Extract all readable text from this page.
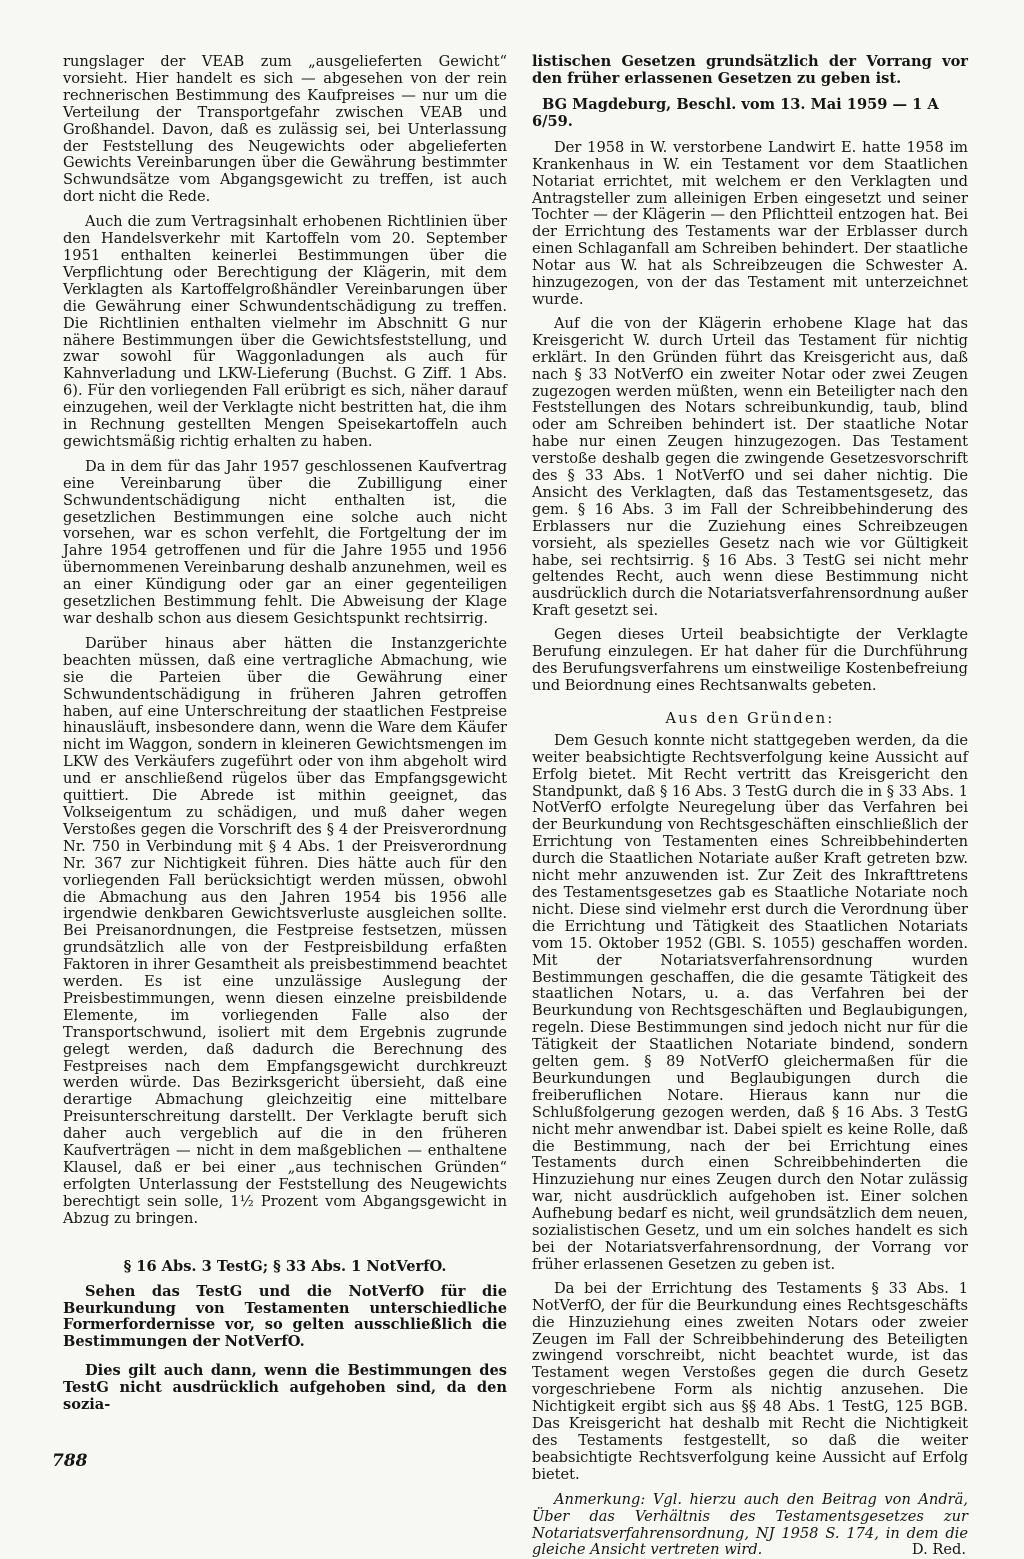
rungslager der VEAB zum „ausgelieferten Gewicht“ vorsieht. Hier handelt es sich — abgesehen von der rein rechnerischen Bestimmung des Kaufpreises — nur um die Verteilung der Transportgefahr zwischen VEAB und Großhandel. Davon, daß es zulässig sei, bei Unterlassung der Feststellung des Neugewichts oder abgelieferten Gewichts Vereinbarungen über die Gewährung bestimmter Schwundsätze vom Abgangsgewicht zu treffen, ist auch dort nicht die Rede.

Auch die zum Vertragsinhalt erhobenen Richtlinien über den Handelsverkehr mit Kartoffeln vom 20. September 1951 enthalten keinerlei Bestimmungen über die Verpflichtung oder Berechtigung der Klägerin, mit dem Verklagten als Kartoffelgroßhändler Vereinbarungen über die Gewährung einer Schwundentschädigung zu treffen. Die Richtlinien enthalten vielmehr im Abschnitt G nur nähere Bestimmungen über die Gewichtsfeststellung, und zwar sowohl für Waggonladungen als auch für Kahnverladung und LKW-Lieferung (Buchst. G Ziff. 1 Abs. 6). Für den vorliegenden Fall erübrigt es sich, näher darauf einzugehen, weil der Verklagte nicht bestritten hat, die ihm in Rechnung gestellten Mengen Speisekartoffeln auch gewichtsmäßig richtig erhalten zu haben.

Da in dem für das Jahr 1957 geschlossenen Kaufvertrag eine Vereinbarung über die Zubilligung einer Schwundentschädigung nicht enthalten ist, die gesetzlichen Bestimmungen eine solche auch nicht vorsehen, war es schon verfehlt, die Fortgeltung der im Jahre 1954 getroffenen und für die Jahre 1955 und 1956 übernommenen Vereinbarung deshalb anzunehmen, weil es an einer Kündigung oder gar an einer gegenteiligen gesetzlichen Bestimmung fehlt. Die Abweisung der Klage war deshalb schon aus diesem Gesichtspunkt rechtsirrig.

Darüber hinaus aber hätten die Instanzgerichte beachten müssen, daß eine vertragliche Abmachung, wie sie die Parteien über die Gewährung einer Schwundentschädigung in früheren Jahren getroffen haben, auf eine Unterschreitung der staatlichen Festpreise hinausläuft, insbesondere dann, wenn die Ware dem Käufer nicht im Waggon, sondern in kleineren Gewichtsmengen im LKW des Verkäufers zugeführt oder von ihm abgeholt wird und er anschließend rügelos über das Empfangsgewicht quittiert. Die Abrede ist mithin geeignet, das Volkseigentum zu schädigen, und muß daher wegen Verstoßes gegen die Vorschrift des § 4 der Preisverordnung Nr. 750 in Verbindung mit § 4 Abs. 1 der Preisverordnung Nr. 367 zur Nichtigkeit führen. Dies hätte auch für den vorliegenden Fall berücksichtigt werden müssen, obwohl die Abmachung aus den Jahren 1954 bis 1956 alle irgendwie denkbaren Gewichtsverluste ausgleichen sollte. Bei Preisanordnungen, die Festpreise festsetzen, müssen grundsätzlich alle von der Festpreisbildung erfaßten Faktoren in ihrer Gesamtheit als preisbestimmend beachtet werden. Es ist eine unzulässige Auslegung der Preisbestimmungen, wenn diesen einzelne preisbildende Elemente, im vorliegenden Falle also der Transportschwund, isoliert mit dem Ergebnis zugrunde gelegt werden, daß dadurch die Berechnung des Festpreises nach dem Empfangsgewicht durchkreuzt werden würde. Das Bezirksgericht übersieht, daß eine derartige Abmachung gleichzeitig eine mittelbare Preisunterschreitung darstellt. Der Verklagte beruft sich daher auch vergeblich auf die in den früheren Kaufverträgen — nicht in dem maßgeblichen — enthaltene Klausel, daß er bei einer „aus technischen Gründen“ erfolgten Unterlassung der Feststellung des Neugewichts berechtigt sein solle, 1½ Prozent vom Abgangsgewicht in Abzug zu bringen.

§ 16 Abs. 3 TestG; § 33 Abs. 1 NotVerfO.

Sehen das TestG und die NotVerfO für die Beurkundung von Testamenten unterschiedliche Formerfordernisse vor, so gelten ausschließlich die Bestimmungen der NotVerfO.

Dies gilt auch dann, wenn die Bestimmungen des TestG nicht ausdrücklich aufgehoben sind, da den sozia-

listischen Gesetzen grundsätzlich der Vorrang vor den früher erlassenen Gesetzen zu geben ist.

BG Magdeburg, Beschl. vom 13. Mai 1959 — 1 A 6/59.

Der 1958 in W. verstorbene Landwirt E. hatte 1958 im Krankenhaus in W. ein Testament vor dem Staatlichen Notariat errichtet, mit welchem er den Verklagten und Antragsteller zum alleinigen Erben eingesetzt und seiner Tochter — der Klägerin — den Pflichtteil entzogen hat. Bei der Errichtung des Testaments war der Erblasser durch einen Schlaganfall am Schreiben behindert. Der staatliche Notar aus W. hat als Schreibzeugen die Schwester A. hinzugezogen, von der das Testament mit unterzeichnet wurde.

Auf die von der Klägerin erhobene Klage hat das Kreisgericht W. durch Urteil das Testament für nichtig erklärt. In den Gründen führt das Kreisgericht aus, daß nach § 33 NotVerfO ein zweiter Notar oder zwei Zeugen zugezogen werden müßten, wenn ein Beteiligter nach den Feststellungen des Notars schreibunkundig, taub, blind oder am Schreiben behindert ist. Der staatliche Notar habe nur einen Zeugen hinzugezogen. Das Testament verstoße deshalb gegen die zwingende Gesetzesvorschrift des § 33 Abs. 1 NotVerfO und sei daher nichtig. Die Ansicht des Verklagten, daß das Testamentsgesetz, das gem. § 16 Abs. 3 im Fall der Schreibbehinderung des Erblassers nur die Zuziehung eines Schreibzeugen vorsieht, als spezielles Gesetz nach wie vor Gültigkeit habe, sei rechtsirrig. § 16 Abs. 3 TestG sei nicht mehr geltendes Recht, auch wenn diese Bestimmung nicht ausdrücklich durch die Notariatsverfahrensordnung außer Kraft gesetzt sei.

Gegen dieses Urteil beabsichtigte der Verklagte Berufung einzulegen. Er hat daher für die Durchführung des Berufungsverfahrens um einstweilige Kostenbefreiung und Beiordnung eines Rechtsanwalts gebeten.

Aus den Gründen:

Dem Gesuch konnte nicht stattgegeben werden, da die weiter beabsichtigte Rechtsverfolgung keine Aussicht auf Erfolg bietet. Mit Recht vertritt das Kreisgericht den Standpunkt, daß § 16 Abs. 3 TestG durch die in § 33 Abs. 1 NotVerfO erfolgte Neuregelung über das Verfahren bei der Beurkundung von Rechtsgeschäften einschließlich der Errichtung von Testamenten eines Schreibbehinderten durch die Staatlichen Notariate außer Kraft getreten bzw. nicht mehr anzuwenden ist. Zur Zeit des Inkrafttretens des Testamentsgesetzes gab es Staatliche Notariate noch nicht. Diese sind vielmehr erst durch die Verordnung über die Errichtung und Tätigkeit des Staatlichen Notariats vom 15. Oktober 1952 (GBl. S. 1055) geschaffen worden. Mit der Notariatsverfahrensordnung wurden Bestimmungen geschaffen, die die gesamte Tätigkeit des staatlichen Notars, u. a. das Verfahren bei der Beurkundung von Rechtsgeschäften und Beglaubigungen, regeln. Diese Bestimmungen sind jedoch nicht nur für die Tätigkeit der Staatlichen Notariate bindend, sondern gelten gem. § 89 NotVerfO gleichermaßen für die Beurkundungen und Beglaubigungen durch die freiberuflichen Notare. Hieraus kann nur die Schlußfolgerung gezogen werden, daß § 16 Abs. 3 TestG nicht mehr anwendbar ist. Dabei spielt es keine Rolle, daß die Bestimmung, nach der bei Errichtung eines Testaments durch einen Schreibbehinderten die Hinzuziehung nur eines Zeugen durch den Notar zulässig war, nicht ausdrücklich aufgehoben ist. Einer solchen Aufhebung bedarf es nicht, weil grundsätzlich dem neuen, sozialistischen Gesetz, und um ein solches handelt es sich bei der Notariatsverfahrensordnung, der Vorrang vor früher erlassenen Gesetzen zu geben ist.

Da bei der Errichtung des Testaments § 33 Abs. 1 NotVerfO, der für die Beurkundung eines Rechtsgeschäfts die Hinzuziehung eines zweiten Notars oder zweier Zeugen im Fall der Schreibbehinderung des Beteiligten zwingend vorschreibt, nicht beachtet wurde, ist das Testament wegen Verstoßes gegen die durch Gesetz vorgeschriebene Form als nichtig anzusehen. Die Nichtigkeit ergibt sich aus §§ 48 Abs. 1 TestG, 125 BGB. Das Kreisgericht hat deshalb mit Recht die Nichtigkeit des Testaments festgestellt, so daß die weiter beabsichtigte Rechtsverfolgung keine Aussicht auf Erfolg bietet.

Anmerkung: Vgl. hierzu auch den Beitrag von Andrä, Über das Verhältnis des Testamentsgesetzes zur Notariatsverfahrensordnung, NJ 1958 S. 174, in dem die gleiche Ansicht vertreten wird.	D. Red.

788
